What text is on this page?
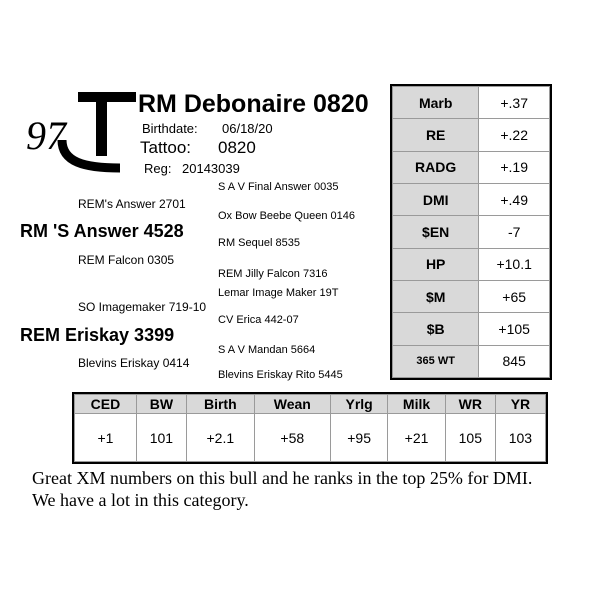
97
RM Debonaire 0820
Birthdate: 06/18/20
Tattoo: 0820
Reg: 20143039
S A V Final Answer 0035
REM's Answer 2701
Ox Bow Beebe Queen 0146
RM 'S Answer 4528
RM Sequel 8535
REM Falcon 0305
REM Jilly Falcon 7316
Lemar Image Maker 19T
SO Imagemaker 719-10
CV Erica 442-07
REM Eriskay 3399
S A V Mandan 5664
Blevins Eriskay 0414
Blevins Eriskay Rito 5445
Marb	+.37
RE	+.22
RADG	+.19
DMI	+.49
$EN	-7
HP	+10.1
$M	+65
$B	+105
365 WT	845
CED	BW	Birth	Wean	Yrlg	Milk	WR	YR
+1	101	+2.1	+58	+95	+21	105	103
Great XM numbers on this bull and he ranks in the top 25% for DMI. We have a lot in this category.
